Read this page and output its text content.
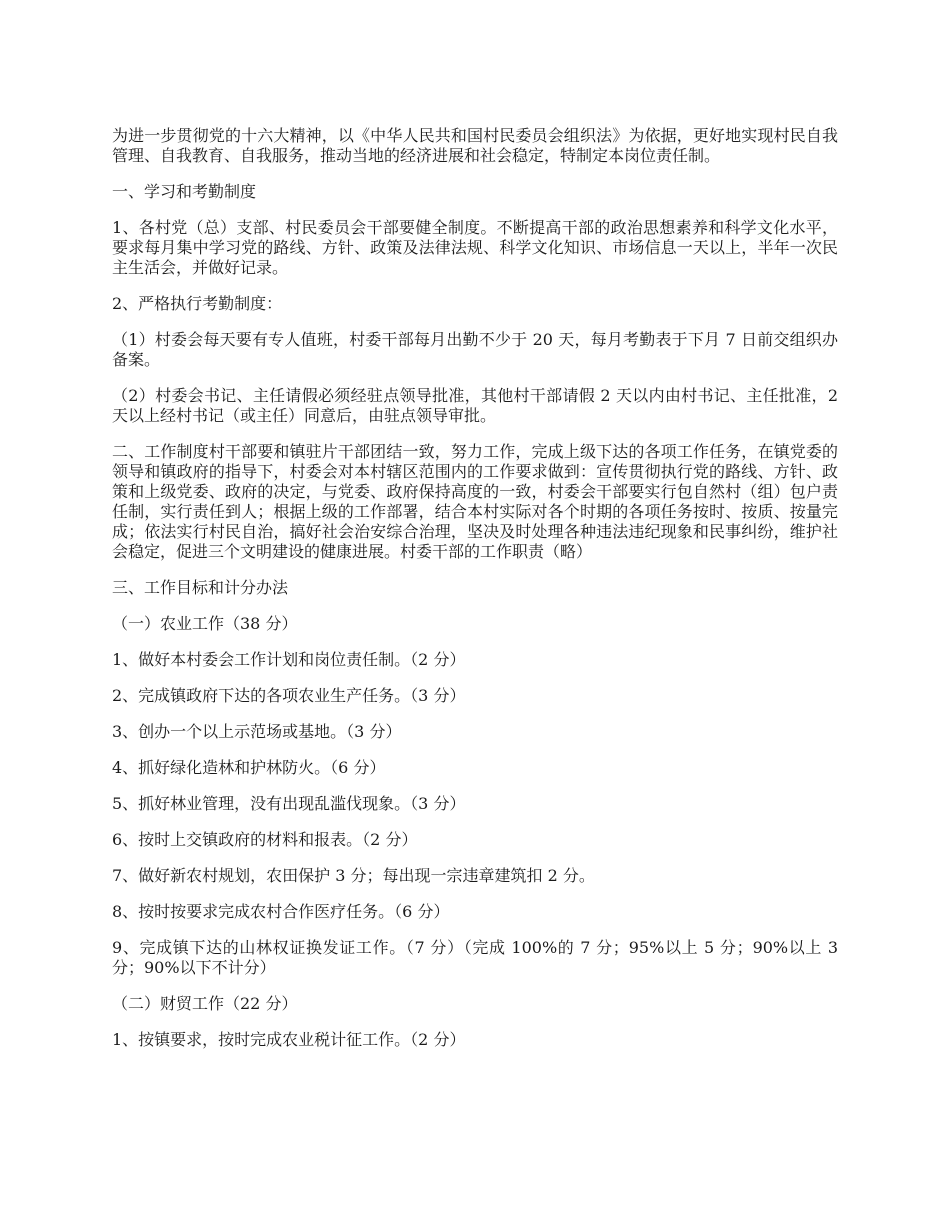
为进一步贯彻党的十六大精神，以《中华人民共和国村民委员会组织法》为依据，更好地实现村民自我管理、自我教育、自我服务，推动当地的经济进展和社会稳定，特制定本岗位责任制。

一、学习和考勤制度

1、各村党（总）支部、村民委员会干部要健全制度。不断提高干部的政治思想素养和科学文化水平，要求每月集中学习党的路线、方针、政策及法律法规、科学文化知识、市场信息一天以上，半年一次民主生活会，并做好记录。

2、严格执行考勤制度：

（1）村委会每天要有专人值班，村委干部每月出勤不少于 20 天，每月考勤表于下月 7 日前交组织办备案。

（2）村委会书记、主任请假必须经驻点领导批准，其他村干部请假 2 天以内由村书记、主任批准，2 天以上经村书记（或主任）同意后，由驻点领导审批。

二、工作制度村干部要和镇驻片干部团结一致，努力工作，完成上级下达的各项工作任务，在镇党委的领导和镇政府的指导下，村委会对本村辖区范围内的工作要求做到：宣传贯彻执行党的路线、方针、政策和上级党委、政府的决定，与党委、政府保持高度的一致，村委会干部要实行包自然村（组）包户责任制，实行责任到人；根据上级的工作部署，结合本村实际对各个时期的各项任务按时、按质、按量完成；依法实行村民自治，搞好社会治安综合治理，坚决及时处理各种违法违纪现象和民事纠纷，维护社会稳定，促进三个文明建设的健康进展。村委干部的工作职责（略）

三、工作目标和计分办法

（一）农业工作（38 分）

1、做好本村委会工作计划和岗位责任制。（2 分）

2、完成镇政府下达的各项农业生产任务。（3 分）

3、创办一个以上示范场或基地。（3 分）

4、抓好绿化造林和护林防火。（6 分）

5、抓好林业管理，没有出现乱滥伐现象。（3 分）

6、按时上交镇政府的材料和报表。（2 分）

7、做好新农村规划，农田保护 3 分；每出现一宗违章建筑扣 2 分。

8、按时按要求完成农村合作医疗任务。（6 分）

9、完成镇下达的山林权证换发证工作。（7 分）（完成 100%的 7 分；95%以上 5 分；90%以上 3 分；90%以下不计分）

（二）财贸工作（22 分）

1、按镇要求，按时完成农业税计征工作。（2 分）
